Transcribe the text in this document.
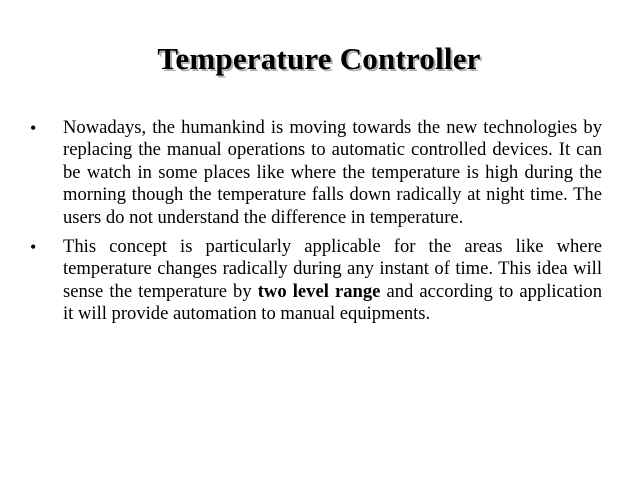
Temperature Controller
• Nowadays, the humankind is moving towards the new technologies by replacing the manual operations to automatic controlled devices. It can be watch in some places like where the temperature is high during the morning though the temperature falls down radically at night time. The users do not understand the difference in temperature.
• This concept is particularly applicable for the areas like where temperature changes radically during any instant of time. This idea will sense the temperature by two level range and according to application it will provide automation to manual equipments.
